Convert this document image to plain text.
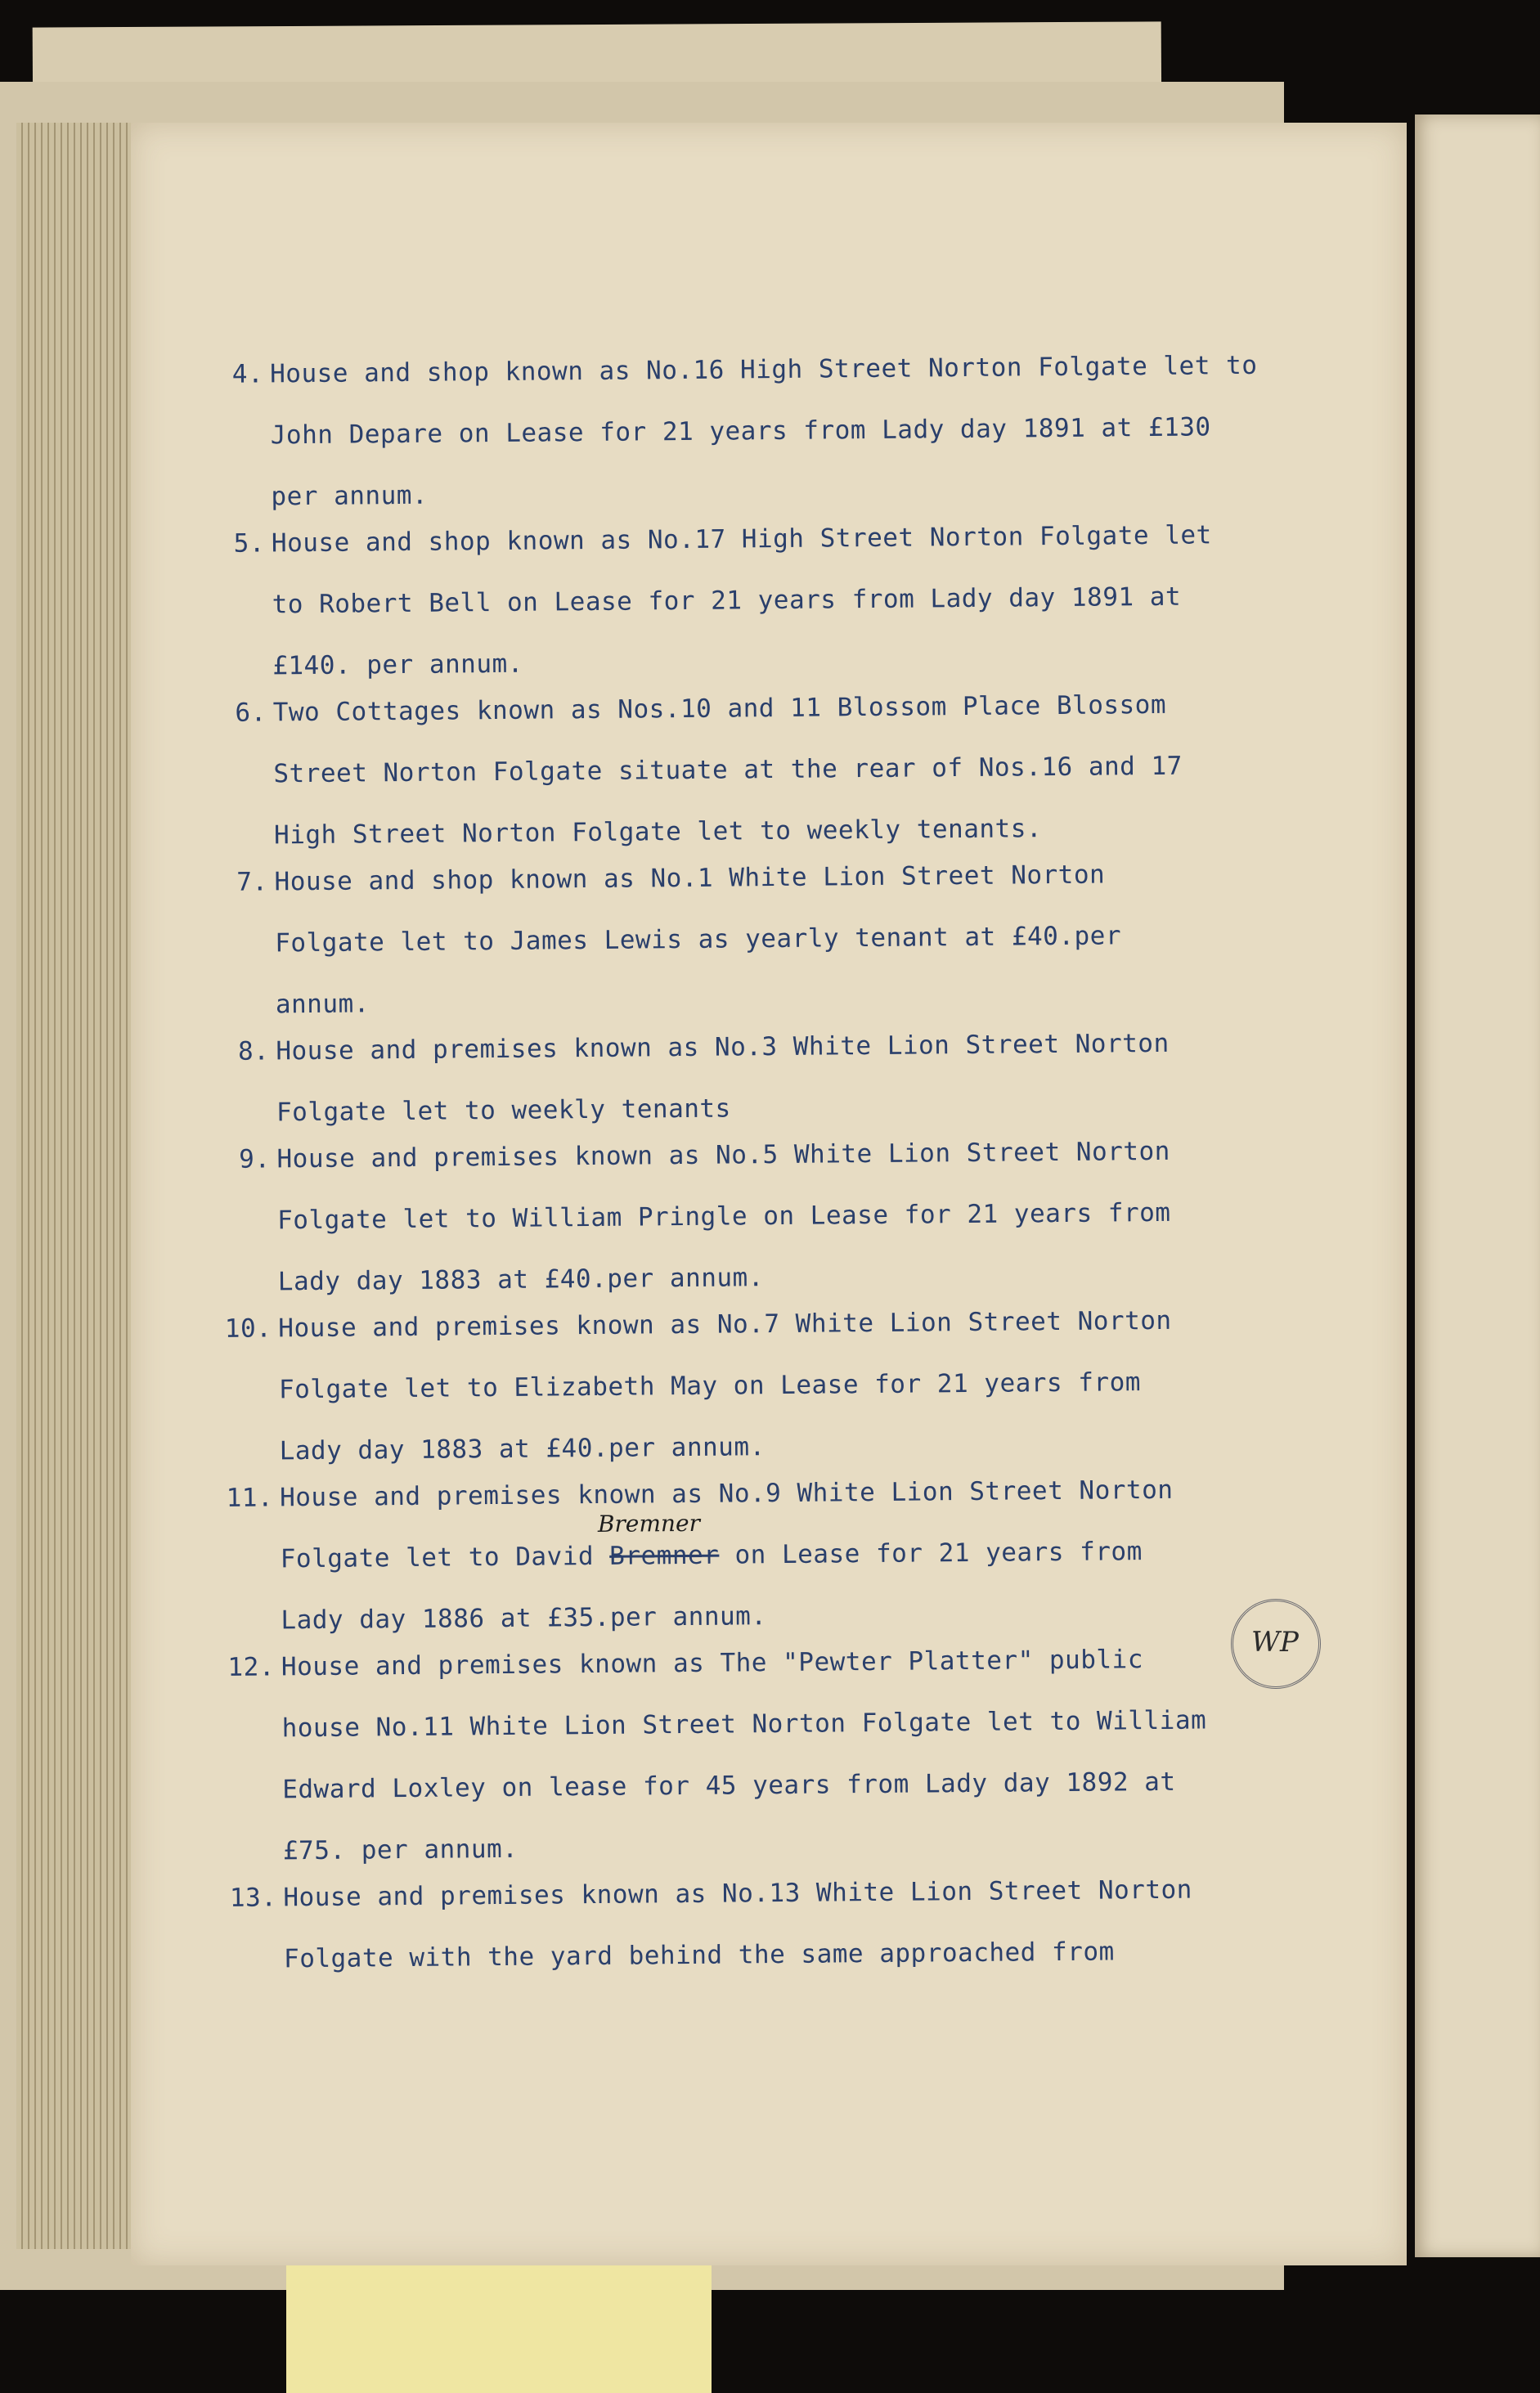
4. House and shop known as No.16 High Street Norton Folgate let to
John Depare on Lease for 21 years from Lady day 1891 at £130
per annum.
5. House and shop known as No.17 High Street Norton Folgate let
to Robert Bell on Lease for 21 years from Lady day 1891 at
£140. per annum.
6. Two Cottages known as Nos.10 and 11 Blossom Place Blossom
Street Norton Folgate situate at the rear of Nos.16 and 17
High Street Norton Folgate let to weekly tenants.
7. House and shop known as No.1 White Lion Street Norton
Folgate let to James Lewis as yearly tenant at £40.per
annum.
8. House and premises known as No.3 White Lion Street Norton
Folgate let to weekly tenants
9. House and premises known as No.5 White Lion Street Norton
Folgate let to William Pringle on Lease for 21 years from
Lady day 1883 at £40.per annum.
10. House and premises known as No.7 White Lion Street Norton
Folgate let to Elizabeth May on Lease for 21 years from
Lady day 1883 at £40.per annum.
11. House and premises known as No.9 White Lion Street Norton
Folgate let to David
Bremner
Bremner on Lease for 21 years from
Lady day 1886 at £35.per annum.
12. House and premises known as The "Pewter Platter" public
house No.11 White Lion Street Norton Folgate let to William
Edward Loxley on lease for 45 years from Lady day 1892 at
£75. per annum.
13. House and premises known as No.13 White Lion Street Norton
Folgate with the yard behind the same approached from
WP
